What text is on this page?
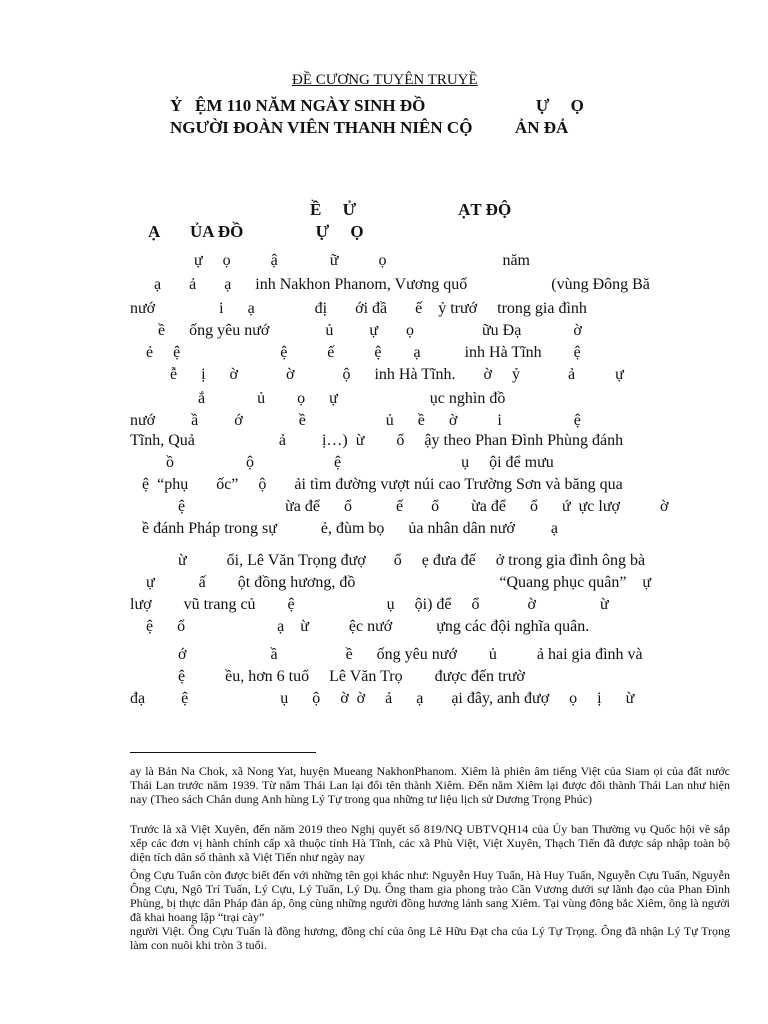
ĐỀ CƯƠNG TUYÊN TRUYỀ
Ỷ   ỆM 110 NĂM NGÀY SINH ĐỒ                          Ự     Ọ
NGƯỜI ĐOÀN VIÊN THANH NIÊN CỘ          ẢN ĐẢ
Ề     Ử                        ẠT ĐỘ
Ạ       ỦA ĐỒ                 Ự     Ọ
ự     ọ          ậ             ữ          ọ                             năm
ạ       ả       ạ      inh Nakhon Phanom, Vương quố                     (vùng Đông Bă
nướ                i      ạ               đị       ới đầ       ế    ỷ trướ     trong gia đình
ề      ống yêu nướ              ủ         ự       ọ                 ữu Đạ             ờ
ẻ     ệ                         ệ          ế          ệ        ạ           inh Hà Tĩnh        ệ
ễ      ị      ờ            ờ            ộ      inh Hà Tĩnh.       ờ     ỷ            ả          ự
ắ             ủ        ọ      ự                       ục nghìn đồ
nướ         ầ         ớ              ề                    ủ      ề      ờ          i                  ệ
Tĩnh, Quả                     ả         ị…)  ừ        ổ     ậy theo Phan Đình Phùng đánh
ồ                  ộ                    ệ                              ụ     ội để mưu
ệ  “phụ       ốc”     ộ       ải tìm đường vượt núi cao Trường Sơn và băng qua
ệ                         ừa để      ổ           ế       ổ        ừa để      ổ      ứ  ực lượ          ờ
ề đánh Pháp trong sự           ẻ, đùm bọ      ủa nhân dân nướ         ạ
ừ          ổi, Lê Văn Trọng đượ       ổ     ẹ đưa đế     ở trong gia đình ông bà
ự           ấ        ột đồng hương, đồ                                    “Quang phục quân”    ự
lượ        vũ trang củ        ệ                       ụ     ội) để     ổ            ờ                ừ
ệ      ổ                       ạ    ừ          ệc nướ           ựng các đội nghĩa quân.
ớ                     ầ                 ề      ống yêu nướ        ủ          ả hai gia đình và
ệ          ều, hơn 6 tuổ     Lê Văn Trọ        được đến trườ
đạ         ệ                       ụ      ộ     ờ  ờ     ả      ạ       ại đây, anh đượ     ọ     ị      ừ
ay là Bản Na Chok, xã Nong Yat, huyện Mueang NakhonPhanom. Xiêm là phiên âm tiếng Việt của Siam ọi của đất nước Thái Lan trước năm 1939. Từ năm Thái Lan lại đổi tên thành Xiêm. Đến năm Xiêm lại được đổi thành Thái Lan như hiện nay (Theo sách Chân dung Anh hùng Lý Tự trong qua những tư liệu lịch sử Dương Trọng Phúc)
Trước là xã Việt Xuyên, đến năm 2019 theo Nghị quyết số 819/NQ UBTVQH14 của Ủy ban Thường vụ Quốc hội về sắp xếp các đơn vị hành chính cấp xã thuộc tỉnh Hà Tĩnh, các xã Phù Việt, Việt Xuyên, Thạch Tiến đã được sáp nhập toàn bộ diện tích dân số thành xã Việt Tiến như ngày nay
Ông Cựu Tuấn còn được biết đến với những tên gọi khác như: Nguyễn Huy Tuấn, Hà Huy Tuấn, Nguyễn Cựu Tuấn, Nguyễn Ông Cựu, Ngô Trí Tuấn, Lý Cựu, Lý Tuấn, Lý Dụ. Ông tham gia phong trào Cần Vương dưới sự lãnh đạo của Phan Đình Phùng, bị thực dân Pháp đàn áp, ông cùng những người đồng hương lánh sang Xiêm. Tại vùng đông bắc Xiêm, ông là người đã khai hoang lập “trại cày”
người Việt. Ông Cựu Tuấn là đồng hương, đồng chí của ông Lê Hữu Đạt cha của Lý Tự Trọng. Ông đã nhận Lý Tự Trọng làm con nuôi khi tròn 3 tuổi.
